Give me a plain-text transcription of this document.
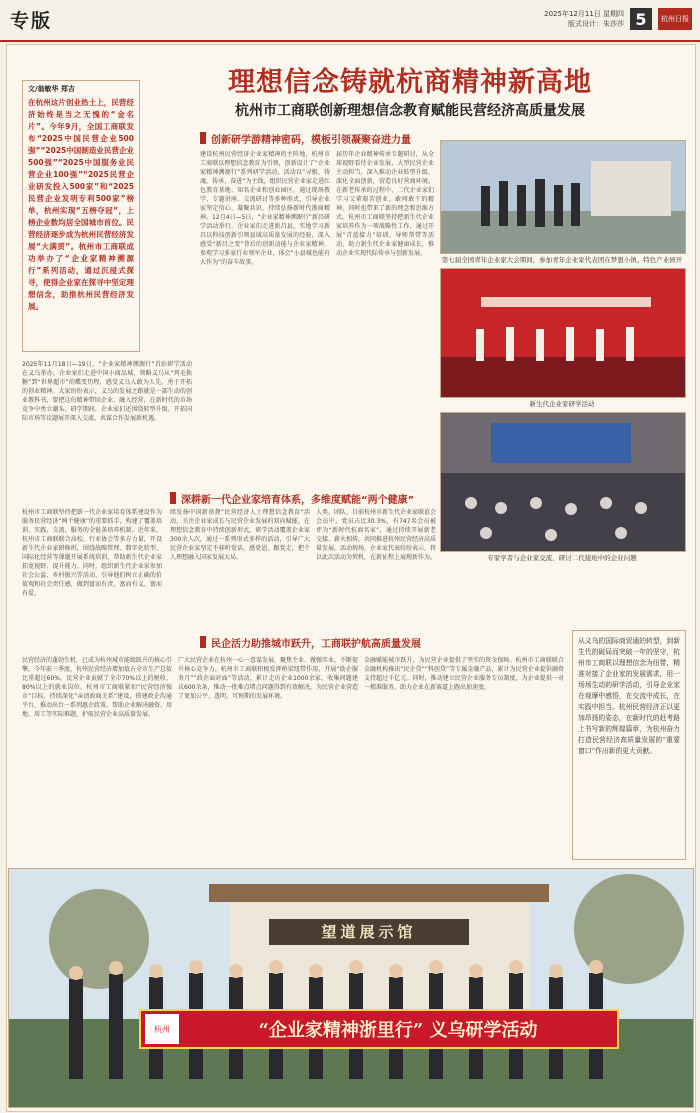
专版	2025年12月11日 星期四
版式设计：朱莎莎 5	杭州日报
理想信念铸就杭商精神新高地
杭州市工商联创新理想信念教育赋能民营经济高质量发展
文/翁敏华 郑吉
在杭州这片创业热土上，民营经济始终是当之无愧的“金名片”。今年9月，全国工商联发布“2025中国民营企业500强”“2025中国制造业民营企业500强”“2025中国服务业民营企业100强”“2025民营企业研发投入500家”和“2025民营企业发明专利500家”榜单，杭州实现“五榜夺冠”，上榜企业数均居全国城市首位。民营经济逐步成为杭州民营经济发展“大满贯”。杭州市工商联成功举办了“企业家精神溯源行”系列活动，通过沉浸式探寻，使得企业家在探寻中坚定理想信念，助推杭州民营经济发展。
创新研学游精神密码，模板引领凝聚奋进力量
2025年11月18日—19日，“企业家精神溯源行”首站研学活动在义乌举办。企业家们走进中国小商品城，领略义乌从“鸡毛换糖”到“世界超市”的蝶变历程，感受义乌人敢为人先、勇于开拓的创业精神。大家纷纷表示，义乌的发展之路就是一部生动的创业教科书，要把这份精神带回企业、融入经营，在新时代的市场竞争中勇立潮头。研学期间，企业家们还围绕转型升级、开拓国际市场等议题展开深入交流，共谋合作发展新机遇。
建设杭州民营经济企业家精神的主阵地，杭州市工商联以理想信念教育为引领，创新设计了“企业家精神溯源行”系列研学活动。活动以“寻根、铸魂、传承、奋进”为主线，组织民营企业家走进红色教育基地、知名企业和创业园区，通过现场教学、专题讲座、交流研讨等多种形式，引导企业家坚定信心、凝聚共识，持续弘扬新时代浙商精神。12月4日—5日，“企业家精神溯源行”新昌研学活动举行。企业家们走进新昌县，实地学习新昌以科技创新引领县域高质量发展的经验，深入感受“新昌之变”背后的创新动能与企业家精神，参观学习多家行业领军企业，体会“小县城也能有大作为”的奋斗故事。
届历年企业精神传承专题研讨，从全球视野看待企业发展，大型民营企业主动担当，深入推动企业转型升级，深化全面创新，营造良好营商环境。在新老传承的过程中，二代企业家们学习父辈艰苦创业、敢闯敢干的精神，同时也带来了新的理念和思维方式。杭州市工商联坚持把新生代企业家培养作为一项战略性工作，通过开展“青蓝接力”培训、导师帮带等活动，助力新生代企业家健康成长，推动企业实现代际传承与创新发展。
第七届全国青年企业家大会期间，参加青年企业家代表团在梦想小镇、特色产业园开
新生代企业家研学活动
专家学者与企业家交流、研讨二代接班中的企业问题
深耕新一代企业家培育体系，多维度赋能“两个健康”
杭州市工商联坚持把新一代企业家培育体系建设作为服务民营经济“两个健康”的重要抓手，构建了覆盖培训、实践、交流、服务的全链条培养机制。近年来，杭州市工商联联合高校、行业协会等多方力量，开设新生代企业家研修班，围绕战略管理、数字化转型、国际化经营等课题开展系统培训，帮助新生代企业家拓宽视野、提升能力。同时，组织新生代企业家参加社会公益、乡村振兴等活动，引导他们树立正确的价值观和社会责任感，做到富而有责、富而有义、富而有爱。
续发扬中国新基督“民营经济人士理想信念教育”活动，关注企业家成长与民营企业发展的双向赋能。在理想信念教育中持续创新形式，研学活动覆盖企业家300余人次，通过一系列形式多样的活动，引导广大民营企业家坚定不移听党话、感党恩、跟党走，把个人理想融入国家发展大局。
人类、团队、目前杭州市新生代企业家联谊会会员中，党员占比30.3%，有747名会员被评为“新时代杭商名家”，通过持续开展新老交接、薪火相传，共同推进杭州民营经济高质量发展。活动现场，企业家代表纷纷表示，将以此次活动为契机，在新征程上展现新作为。
民企活力助推城市跃升，工商联护航高质量发展
民营经济的蓬勃生机，已成为杭州城市能级跃升的核心引擎。今年前三季度，杭州民营经济增加值占全市生产总值比重超过60%，民营企业贡献了全市70%以上的税收、80%以上的就业岗位。杭州市工商联紧扣“民营经济强市”目标，持续深化“亲清政商关系”建设，搭建政企沟通平台，推动出台一系列惠企政策，帮助企业解决融资、用地、用工等实际难题，护航民营企业高质量发展。
广大民营企业在杭州一心一意谋发展，聚焦主业、做强实业，不断提升核心竞争力。杭州市工商联积极发挥桥梁纽带作用，开展“助企服务月”“政企面对面”等活动，累计走访企业1000余家，收集问题建议600余条，推动一批难点堵点问题得到有效解决，为民营企业营造了更加公平、透明、可预期的发展环境。
金融赋能城市跃升，为民营企业提供了坚实的资金保障。杭州市工商联联合金融机构推出“民企贷”“科创贷”等专属金融产品，累计为民营企业提供融资支持超过千亿元。同时，推动建立民营企业服务专员制度，为企业提供一对一精准服务，助力企业在新赛道上跑出加速度。
从义乌的国际商贸通的转型，到新生代的破局而突破一年的坚守，杭州市工商联以理想信念为纽带，精准对接了企业家的发展需求，用一场场生动的研学活动，引导企业家在观摩中感悟，在交流中成长，在实践中担当。杭州民营经济正以更加昂扬的姿态，在新时代的赶考路上书写新的辉煌篇章，为杭州奋力打造民营经济高质量发展的“重要窗口”作出新的更大贡献。
望道展示馆
杭州	“企业家精神浙里行” 义乌研学活动
